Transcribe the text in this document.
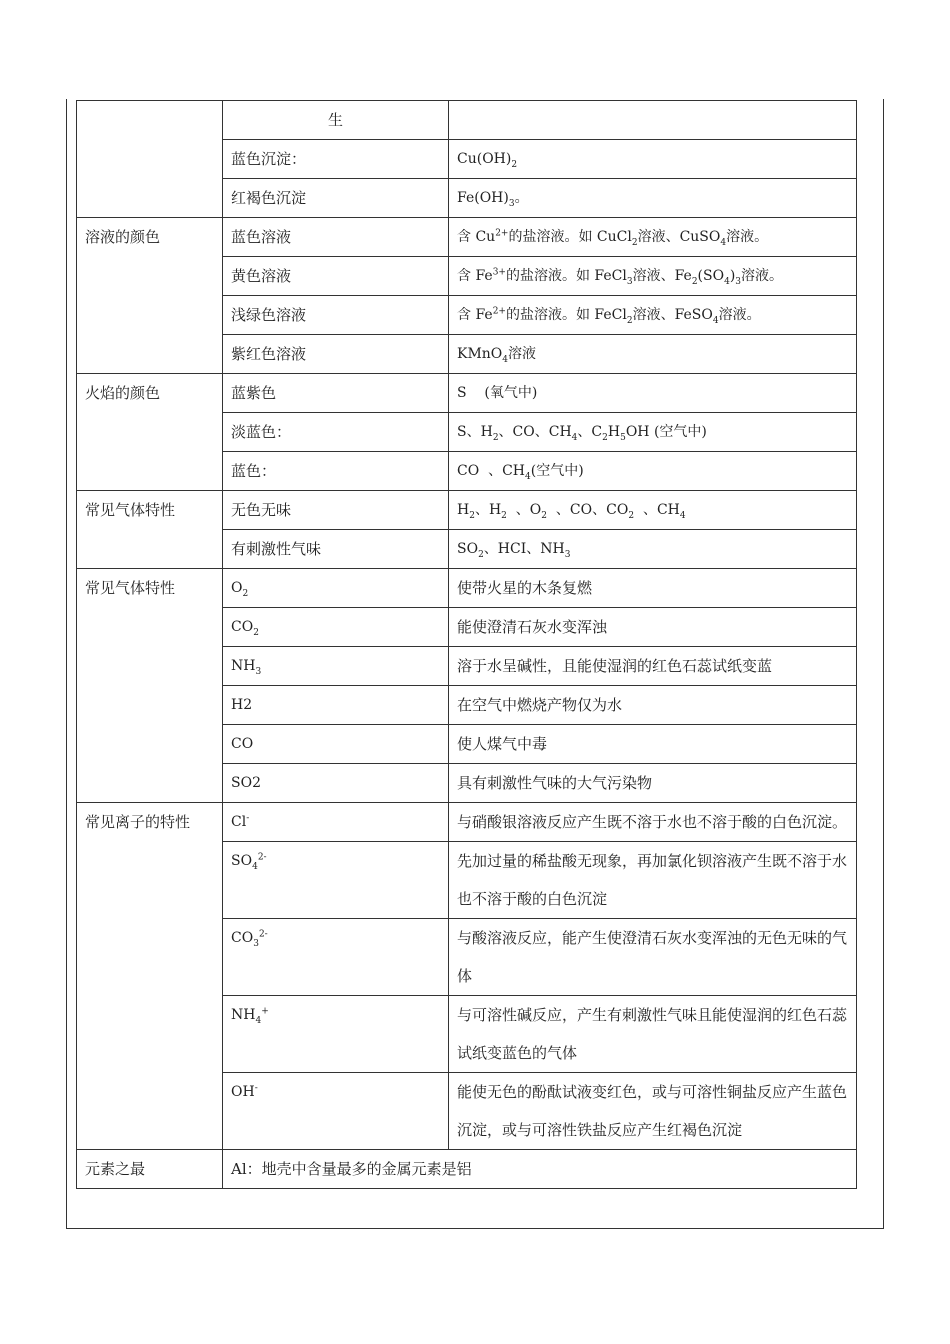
	生	
	蓝色沉淀：	$Cu(OH)_2$
	红褐色沉淀	$Fe(OH)_3$。
溶液的颜色	蓝色溶液	含 $Cu^{2+}$的盐溶液。如 CuCl$_2$溶液、CuSO$_4$溶液。
	黄色溶液	含 $Fe^{3+}$的盐溶液。如 FeCl$_3$溶液、$Fe_2(SO_4)_3$溶液。
	浅绿色溶液	含 $Fe^{2+}$的盐溶液。如 FeCl$_2$溶液、FeSO$_4$溶液。
	紫红色溶液	KMnO$_4$溶液
火焰的颜色	蓝紫色	S    (氧气中)
	淡蓝色：	S、$H_2$、CO、$CH_4$、$C_2H_5OH$ (空气中)
	蓝色：	CO  、$CH_4$(空气中)
常见气体特性	无色无味	$H_2$、$H_2$  、$O_2$  、CO、$CO_2$  、$CH_4$
	有刺激性气味	$SO_2$、HCI、$NH_3$
常见气体特性	$O_2$	使带火星的木条复燃
	$CO_2$	能使澄清石灰水变浑浊
	$NH_3$	溶于水呈碱性，且能使湿润的红色石蕊试纸变蓝
	H2	在空气中燃烧产物仅为水
	CO	使人煤气中毒
	SO2	具有刺激性气味的大气污染物
常见离子的特性	Cl-	与硝酸银溶液反应产生既不溶于水也不溶于酸的白色沉淀。
	$SO_4^{2-}$	先加过量的稀盐酸无现象，再加氯化钡溶液产生既不溶于水也不溶于酸的白色沉淀
	$CO_3^{2-}$	与酸溶液反应，能产生使澄清石灰水变浑浊的无色无味的气体
	$NH_4^+$	与可溶性碱反应，产生有刺激性气味且能使湿润的红色石蕊试纸变蓝色的气体
	OH-	能使无色的酚酞试液变红色，或与可溶性铜盐反应产生蓝色沉淀，或与可溶性铁盐反应产生红褐色沉淀
元素之最	Al：地壳中含量最多的金属元素是铝	
